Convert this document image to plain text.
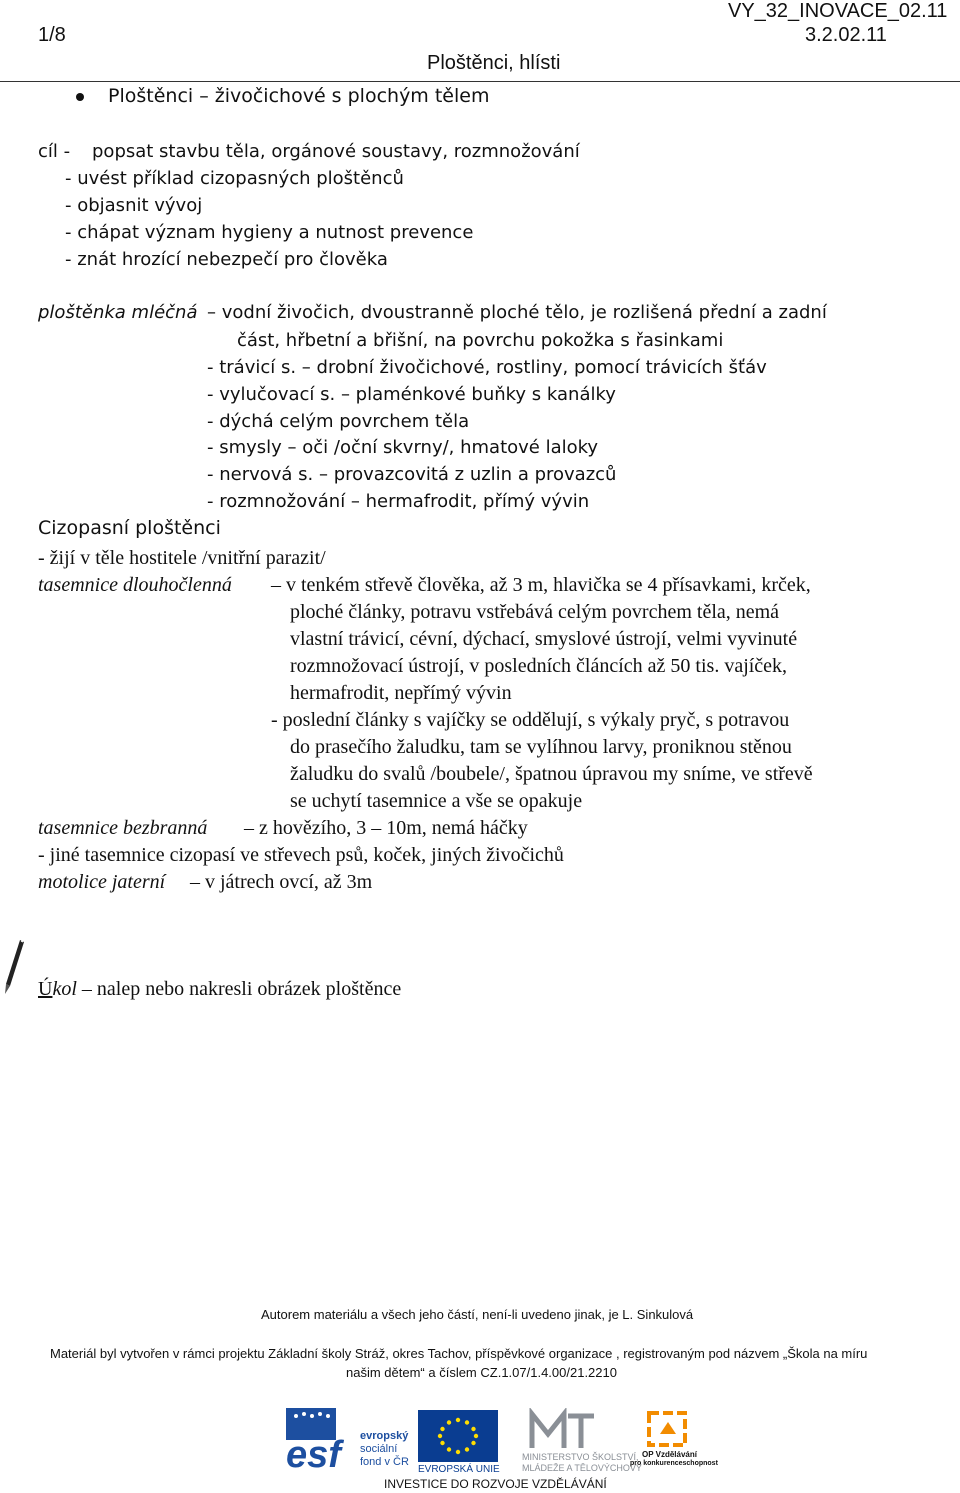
1/8
VY_32_INOVACE_02.11
3.2.02.11
Ploštěnci, hlísti
Ploštěnci – živočichové s plochým tělem
cíl - popsat stavbu těla, orgánové soustavy, rozmnožování
- uvést příklad cizopasných ploštěnců
- objasnit vývoj
- chápat význam hygieny a nutnost prevence
- znát hrozící nebezpečí pro člověka
ploštěnka mléčná – vodní živočich, dvoustranně ploché tělo, je rozlišená přední a zadní
část, hřbetní a břišní, na povrchu pokožka s řasinkami
- trávicí s. – drobní živočichové, rostliny, pomocí trávicích šťáv
- vylučovací s. – plaménkové buňky s kanálky
- dýchá celým povrchem těla
- smysly – oči /oční skvrny/, hmatové laloky
- nervová s. – provazcovitá z uzlin a provazců
- rozmnožování – hermafrodit, přímý vývin
Cizopasní ploštěnci
- žijí v těle hostitele /vnitřní parazit/
tasemnice dlouhočlenná – v tenkém střevě člověka, až 3 m, hlavička se 4 přísavkami, krček,
ploché články, potravu vstřebává celým povrchem těla, nemá
vlastní trávicí, cévní, dýchací, smyslové ústrojí, velmi vyvinuté
rozmnožovací ústrojí, v posledních článcích až 50 tis. vajíček,
hermafrodit, nepřímý vývin
- poslední články s vajíčky se oddělují, s výkaly pryč, s potravou
do prasečího žaludku, tam se vylíhnou larvy, proniknou stěnou
žaludku do svalů /boubele/, špatnou úpravou my sníme, ve střevě
se uchytí tasemnice a vše se opakuje
tasemnice bezbranná – z hovězího, 3 – 10m, nemá háčky
- jiné tasemnice cizopasí ve střevech psů, koček, jiných živočichů
motolice jaterní – v játrech ovcí, až 3m
Úkol – nalep nebo nakresli obrázek ploštěnce
Autorem materiálu a všech jeho částí, není-li uvedeno jinak, je L. Sinkulová
Materiál byl vytvořen v rámci projektu Základní školy Stráž, okres Tachov, příspěvkové organizace , registrovaným pod názvem „Škola na míru
našim dětem“ a číslem CZ.1.07/1.4.00/21.2210
esf evropský
sociální
fond v ČR
EVROPSKÁ UNIE
MINISTERSTVO ŠKOLSTVÍ,
MLÁDEŽE A TĚLOVÝCHOVY
OP Vzdělávání
pro konkurenceschopnost
INVESTICE DO ROZVOJE VZDĚLÁVÁNÍ
